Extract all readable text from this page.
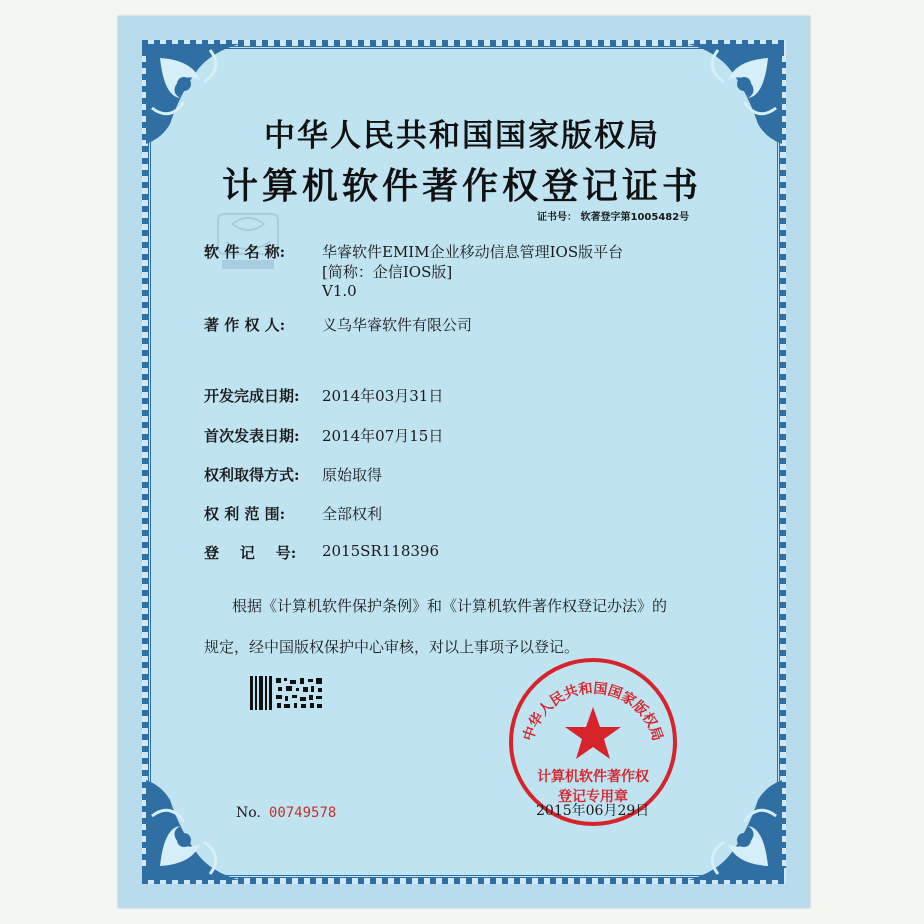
中华人民共和国国家版权局
计算机软件著作权登记证书
证书号： 软著登字第1005482号
软 件 名 称: 华睿软件EMIM企业移动信息管理IOS版平台
[简称：企信IOS版]
V1.0
著 作 权 人: 义乌华睿软件有限公司
开发完成日期: 2014年03月31日
首次发表日期: 2014年07月15日
权利取得方式: 原始取得
权 利 范 围: 全部权利
登    记    号: 2015SR118396
根据《计算机软件保护条例》和《计算机软件著作权登记办法》的
规定，经中国版权保护中心审核，对以上事项予以登记。
No. 00749578
中华人民共和国国家版权局
计算机软件著作权
登记专用章
2015年06月29日
